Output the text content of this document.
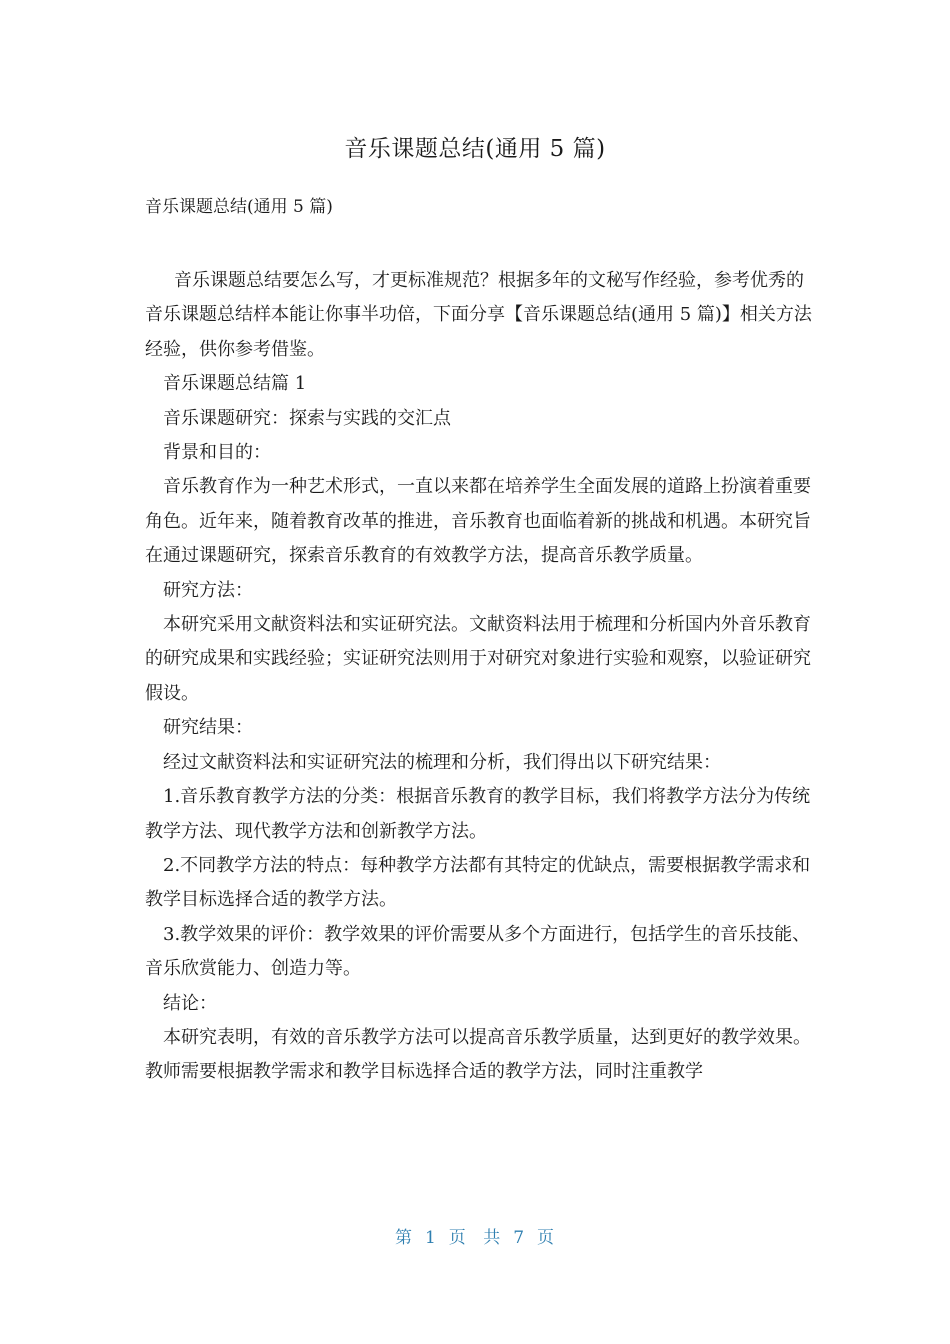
音乐课题总结(通用 5 篇)
音乐课题总结(通用 5 篇)

音乐课题总结要怎么写，才更标准规范？根据多年的文秘写作经验，参考优秀的音乐课题总结样本能让你事半功倍，下面分享【音乐课题总结(通用 5 篇)】相关方法经验，供你参考借鉴。

音乐课题总结篇 1

音乐课题研究：探索与实践的交汇点

背景和目的：

音乐教育作为一种艺术形式，一直以来都在培养学生全面发展的道路上扮演着重要角色。近年来，随着教育改革的推进，音乐教育也面临着新的挑战和机遇。本研究旨在通过课题研究，探索音乐教育的有效教学方法，提高音乐教学质量。

研究方法：

本研究采用文献资料法和实证研究法。文献资料法用于梳理和分析国内外音乐教育的研究成果和实践经验；实证研究法则用于对研究对象进行实验和观察，以验证研究假设。

研究结果：

经过文献资料法和实证研究法的梳理和分析，我们得出以下研究结果：

1.音乐教育教学方法的分类：根据音乐教育的教学目标，我们将教学方法分为传统教学方法、现代教学方法和创新教学方法。

2.不同教学方法的特点：每种教学方法都有其特定的优缺点，需要根据教学需求和教学目标选择合适的教学方法。

3.教学效果的评价：教学效果的评价需要从多个方面进行，包括学生的音乐技能、音乐欣赏能力、创造力等。

结论：

本研究表明，有效的音乐教学方法可以提高音乐教学质量，达到更好的教学效果。教师需要根据教学需求和教学目标选择合适的教学方法，同时注重教学

第 1 页 共 7 页
